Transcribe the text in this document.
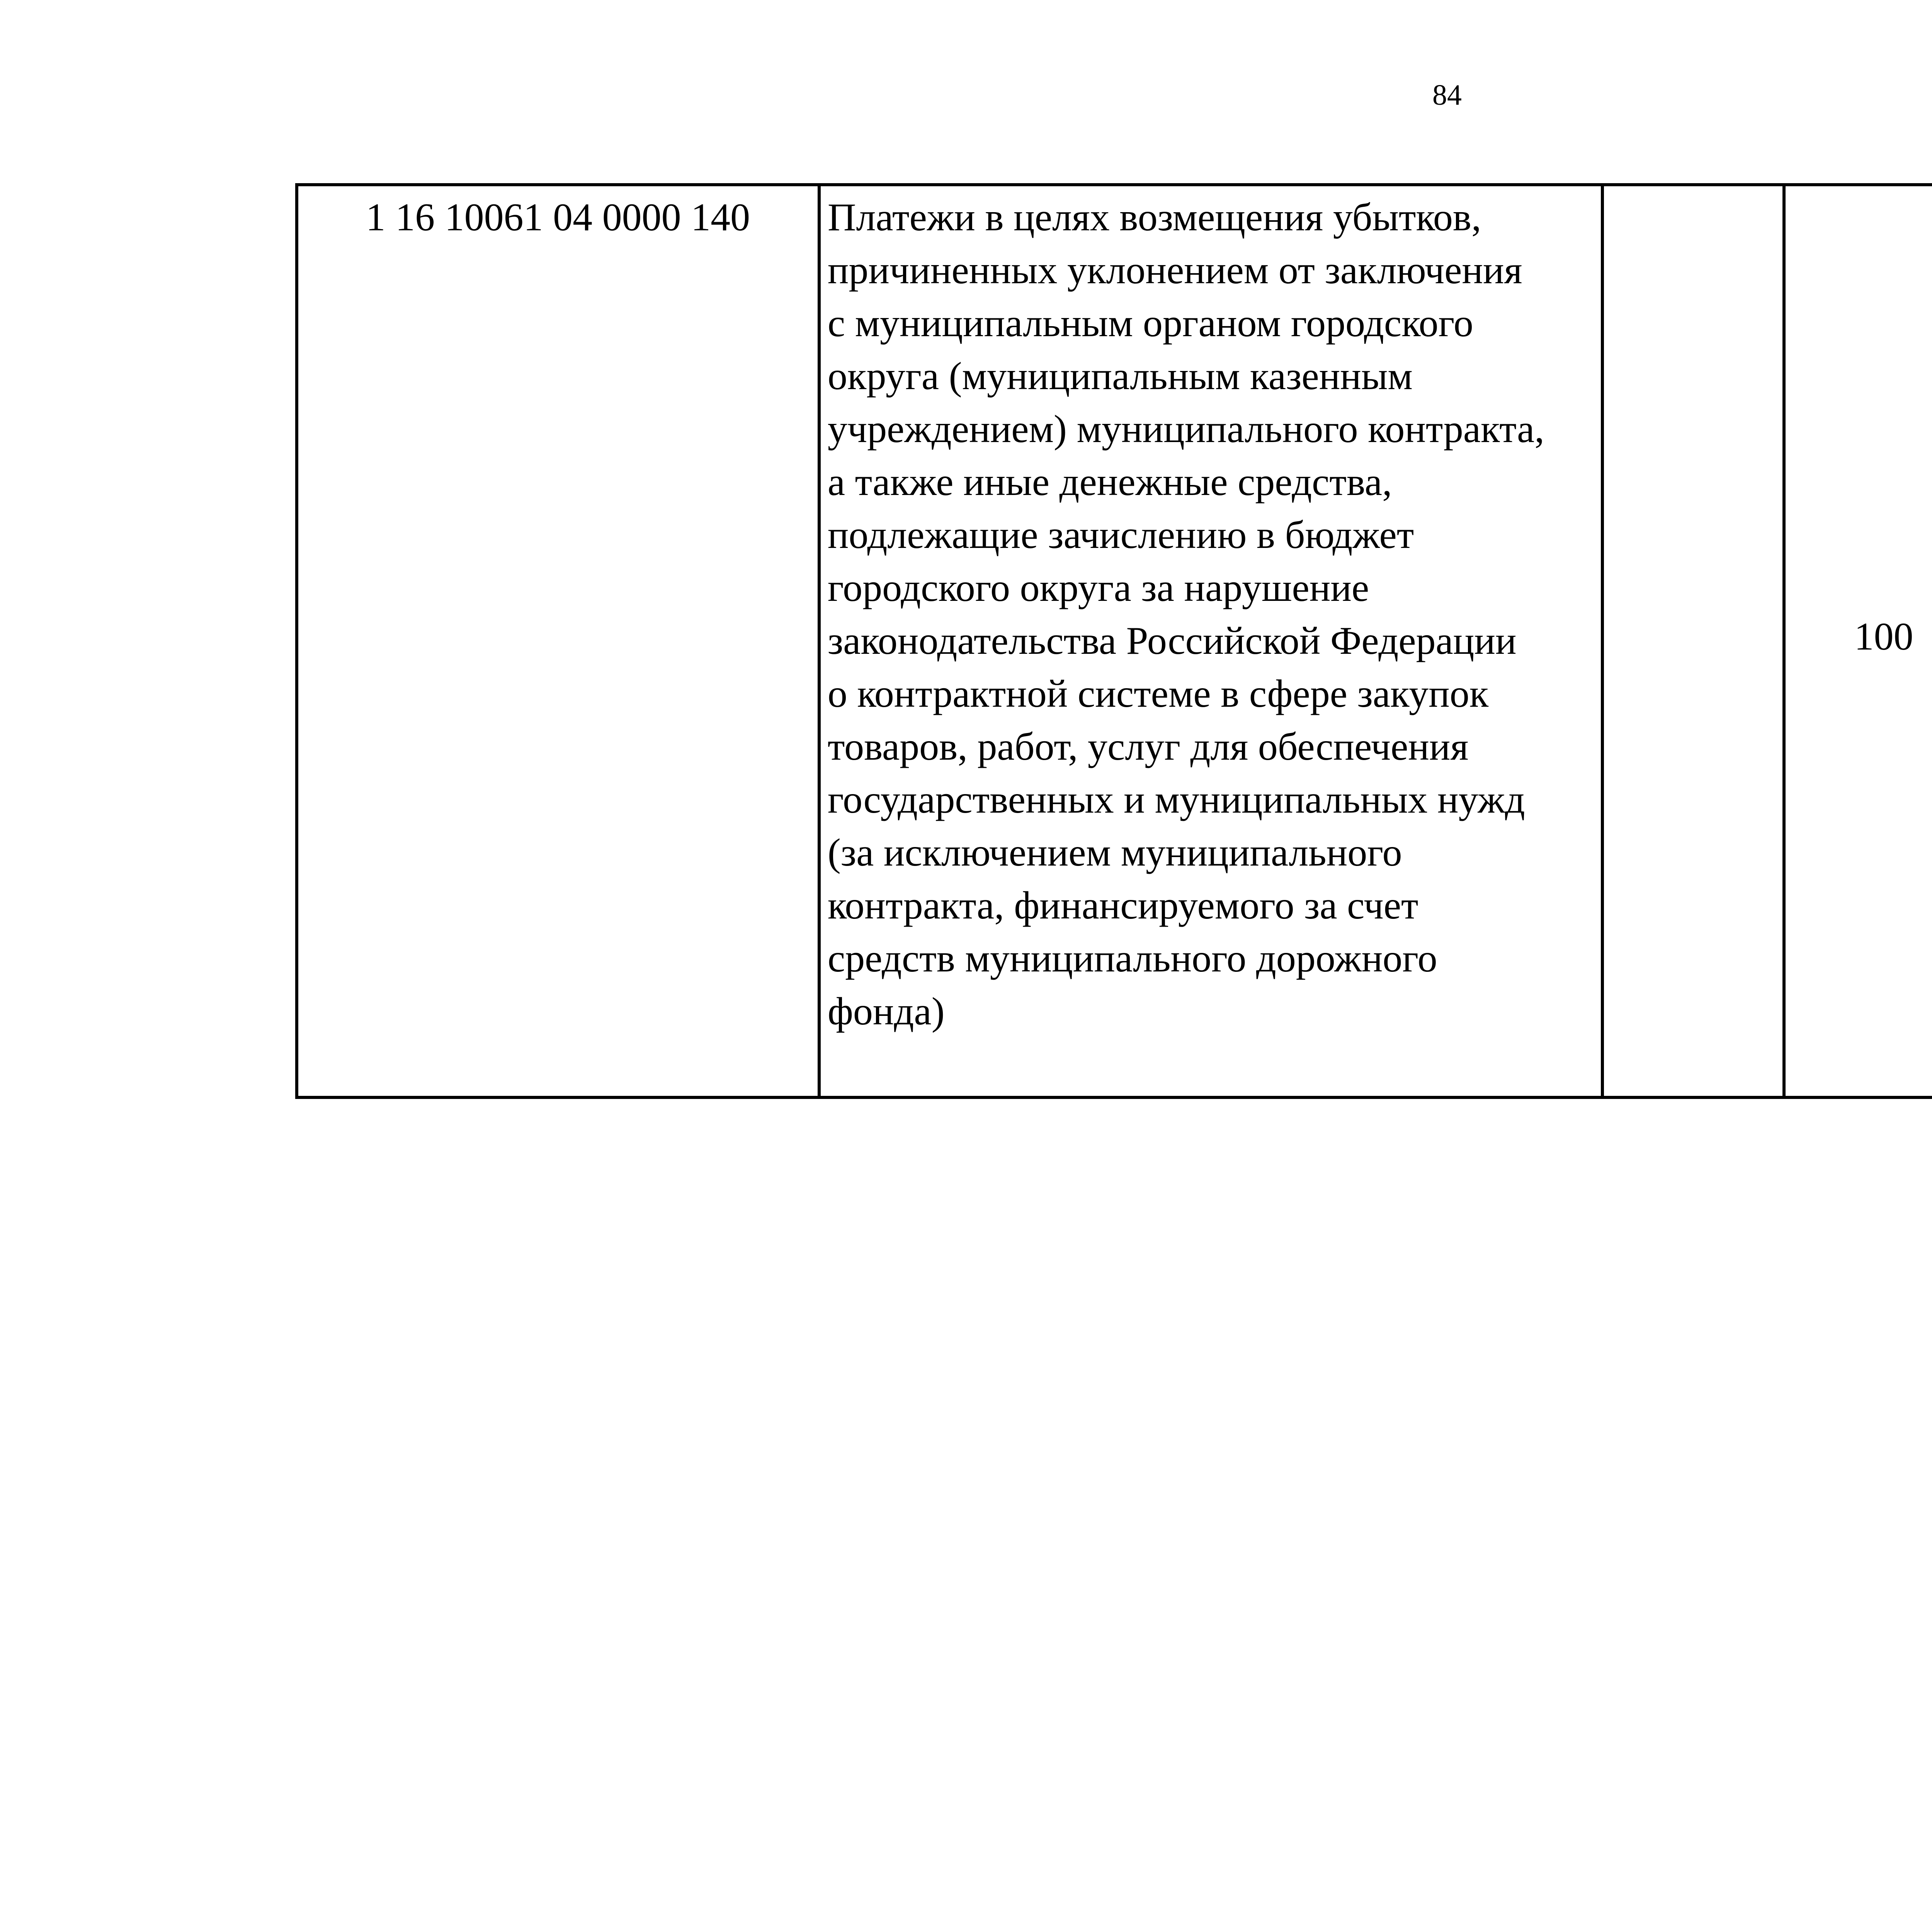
84
1 16 10061 04 0000 140	Платежи в целях возмещения убытков,
причиненных уклонением от заключения
с муниципальным органом городского
округа (муниципальным казенным
учреждением) муниципального контракта,
а также иные денежные средства,
подлежащие зачислению в бюджет
городского округа за нарушение
законодательства Российской Федерации
о контрактной системе в сфере закупок
товаров, работ, услуг для обеспечения
государственных и муниципальных нужд
(за исключением муниципального
контракта, финансируемого за счет
средств муниципального дорожного
фонда)
		100			
